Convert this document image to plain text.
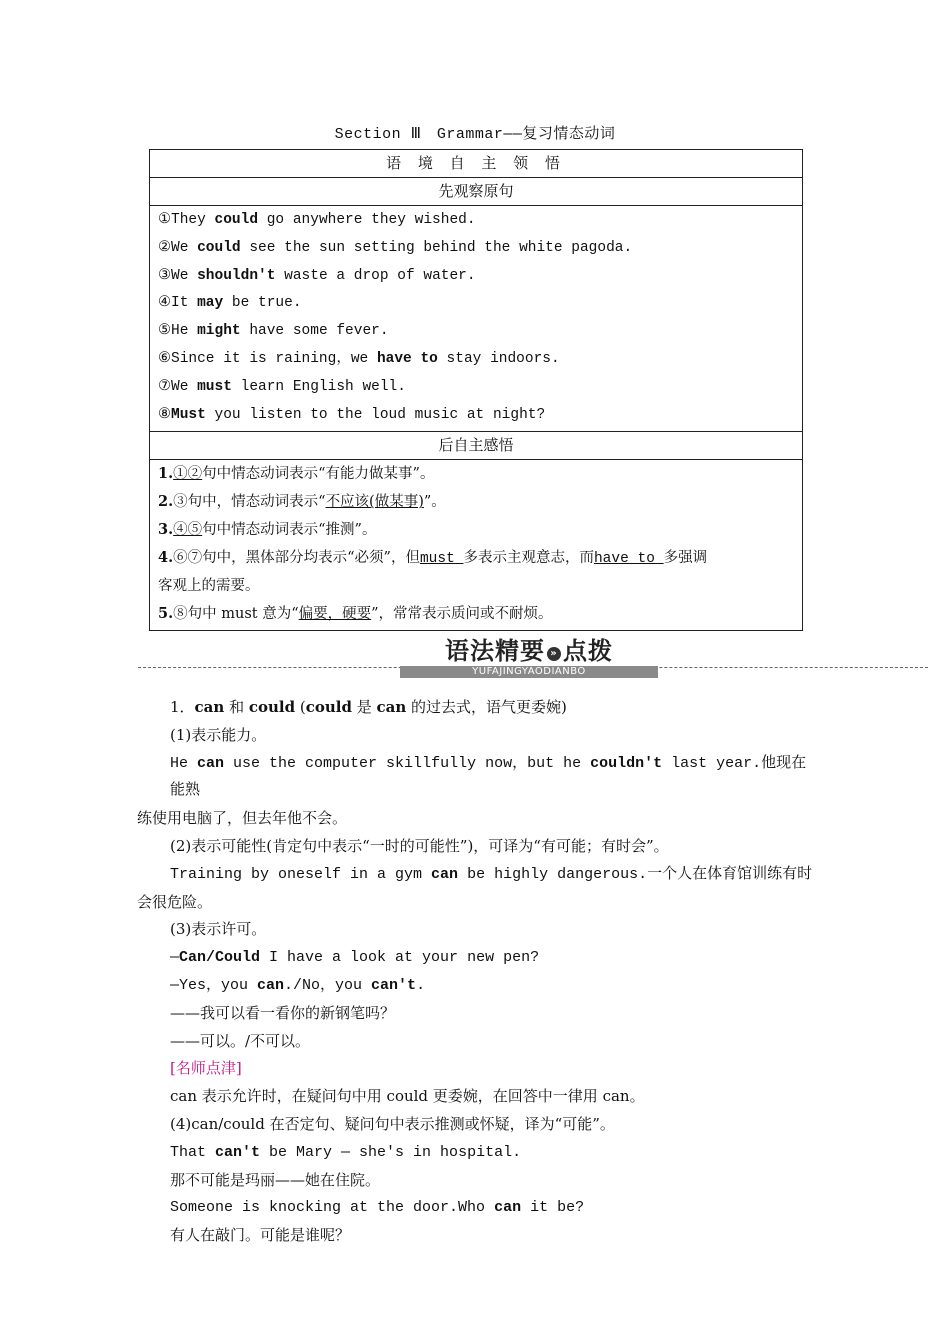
Section Ⅲ　Grammar——复习情态动词
语 境 自 主 领 悟
先观察原句
①They could go anywhere they wished.
②We could see the sun setting behind the white pagoda.
③We shouldn't waste a drop of water.
④It may be true.
⑤He might have some fever.
⑥Since it is raining，we have to stay indoors.
⑦We must learn English well.
⑧Must you listen to the loud music at night?
后自主感悟
1.①②句中情态动词表示“有能力做某事”。
2.③句中，情态动词表示“不应该(做某事)”。
3.④⑤句中情态动词表示“推测”。
4.⑥⑦句中，黑体部分均表示“必须”，但must 多表示主观意志，而have to 多强调
客观上的需要。
5.⑧句中 must 意为“偏要，硬要”，常常表示质问或不耐烦。
语法精要 » 点拨
YUFAJINGYAODIANBO
1．can 和 could (could 是 can 的过去式，语气更委婉)
(1)表示能力。
He can use the computer skillfully now，but he couldn't last year.他现在能熟
练使用电脑了，但去年他不会。
(2)表示可能性(肯定句中表示“一时的可能性”)，可译为“有可能；有时会”。
Training by oneself in a gym can be highly dangerous.一个人在体育馆训练有时
会很危险。
(3)表示许可。
—Can/Could I have a look at your new pen?
—Yes，you can./No，you can't.
——我可以看一看你的新钢笔吗？
——可以。/不可以。
[名师点津]
can 表示允许时，在疑问句中用 could 更委婉，在回答中一律用 can。
(4)can/could 在否定句、疑问句中表示推测或怀疑，译为“可能”。
That can't be Mary — she's in hospital.
那不可能是玛丽——她在住院。
Someone is knocking at the door.Who can it be?
有人在敲门。可能是谁呢？
